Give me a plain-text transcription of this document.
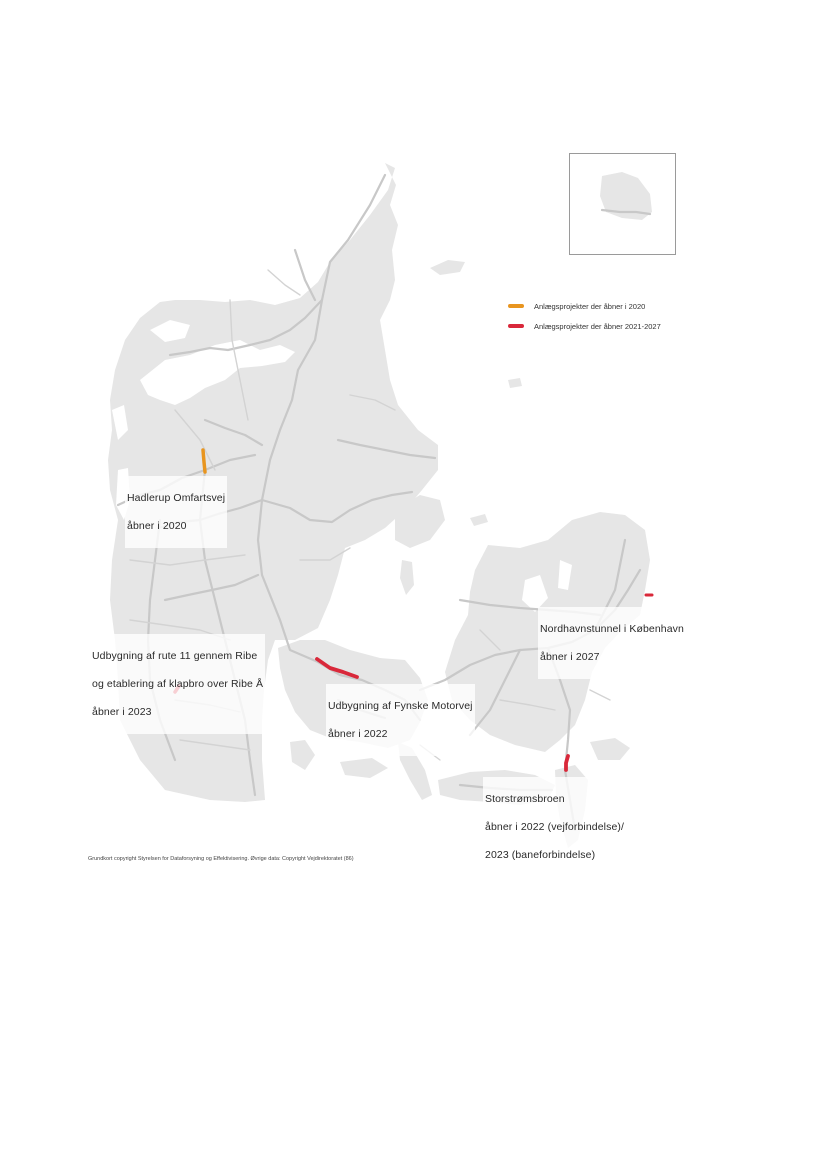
Anlægsprojekter der åbner i 2020
Anlægsprojekter der åbner 2021-2027

Hadlerup Omfartsvej

åbner i 2020

Udbygning af rute 11 gennem Ribe

og etablering af klapbro over Ribe Å

åbner i 2023	Udbygning af Fynske Motorvej

åbner i 2022

Nordhavnstunnel i København

åbner i 2027

Storstrømsbroen

åbner i 2022 (vejforbindelse)/

2023 (baneforbindelse)

Grundkort copyright Styrelsen for Dataforsyning og Effektivisering. Øvrige data: Copyright Vejdirektoratet (86)
